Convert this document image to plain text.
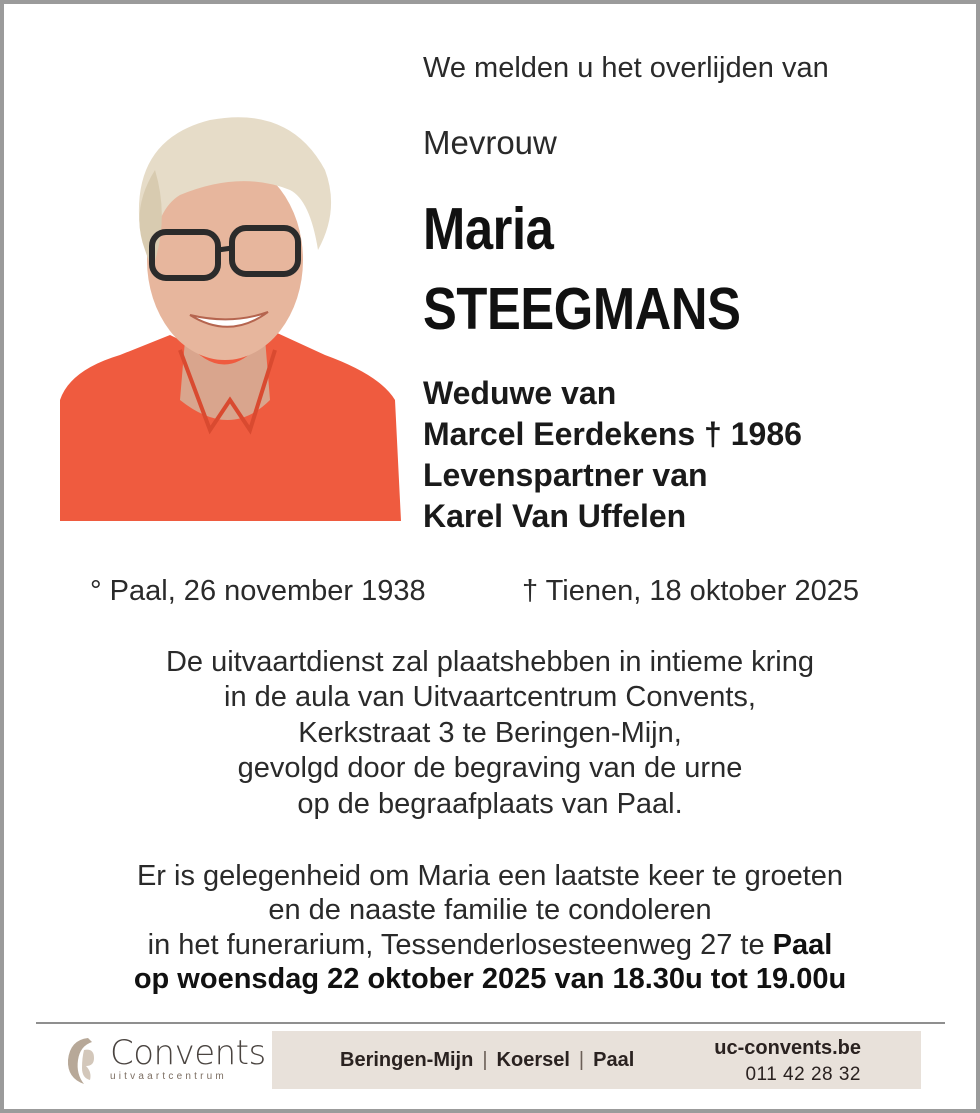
We melden u het overlijden van
Mevrouw
Maria
STEEGMANS
Weduwe van
Marcel Eerdekens † 1986
Levenspartner van
Karel Van Uffelen
° Paal, 26 november 1938	† Tienen, 18 oktober 2025
De uitvaartdienst zal plaatshebben in intieme kring
in de aula van Uitvaartcentrum Convents,
Kerkstraat 3 te Beringen-Mijn,
gevolgd door de begraving van de urne
op de begraafplaats van Paal.
Er is gelegenheid om Maria een laatste keer te groeten
en de naaste familie te condoleren
in het funerarium, Tessenderlosesteenweg 27 te Paal
op woensdag 22 oktober 2025 van 18.30u tot 19.00u
Convents
uitvaartcentrum
Beringen-Mijn | Koersel | Paal
uc-convents.be
011 42 28 32
